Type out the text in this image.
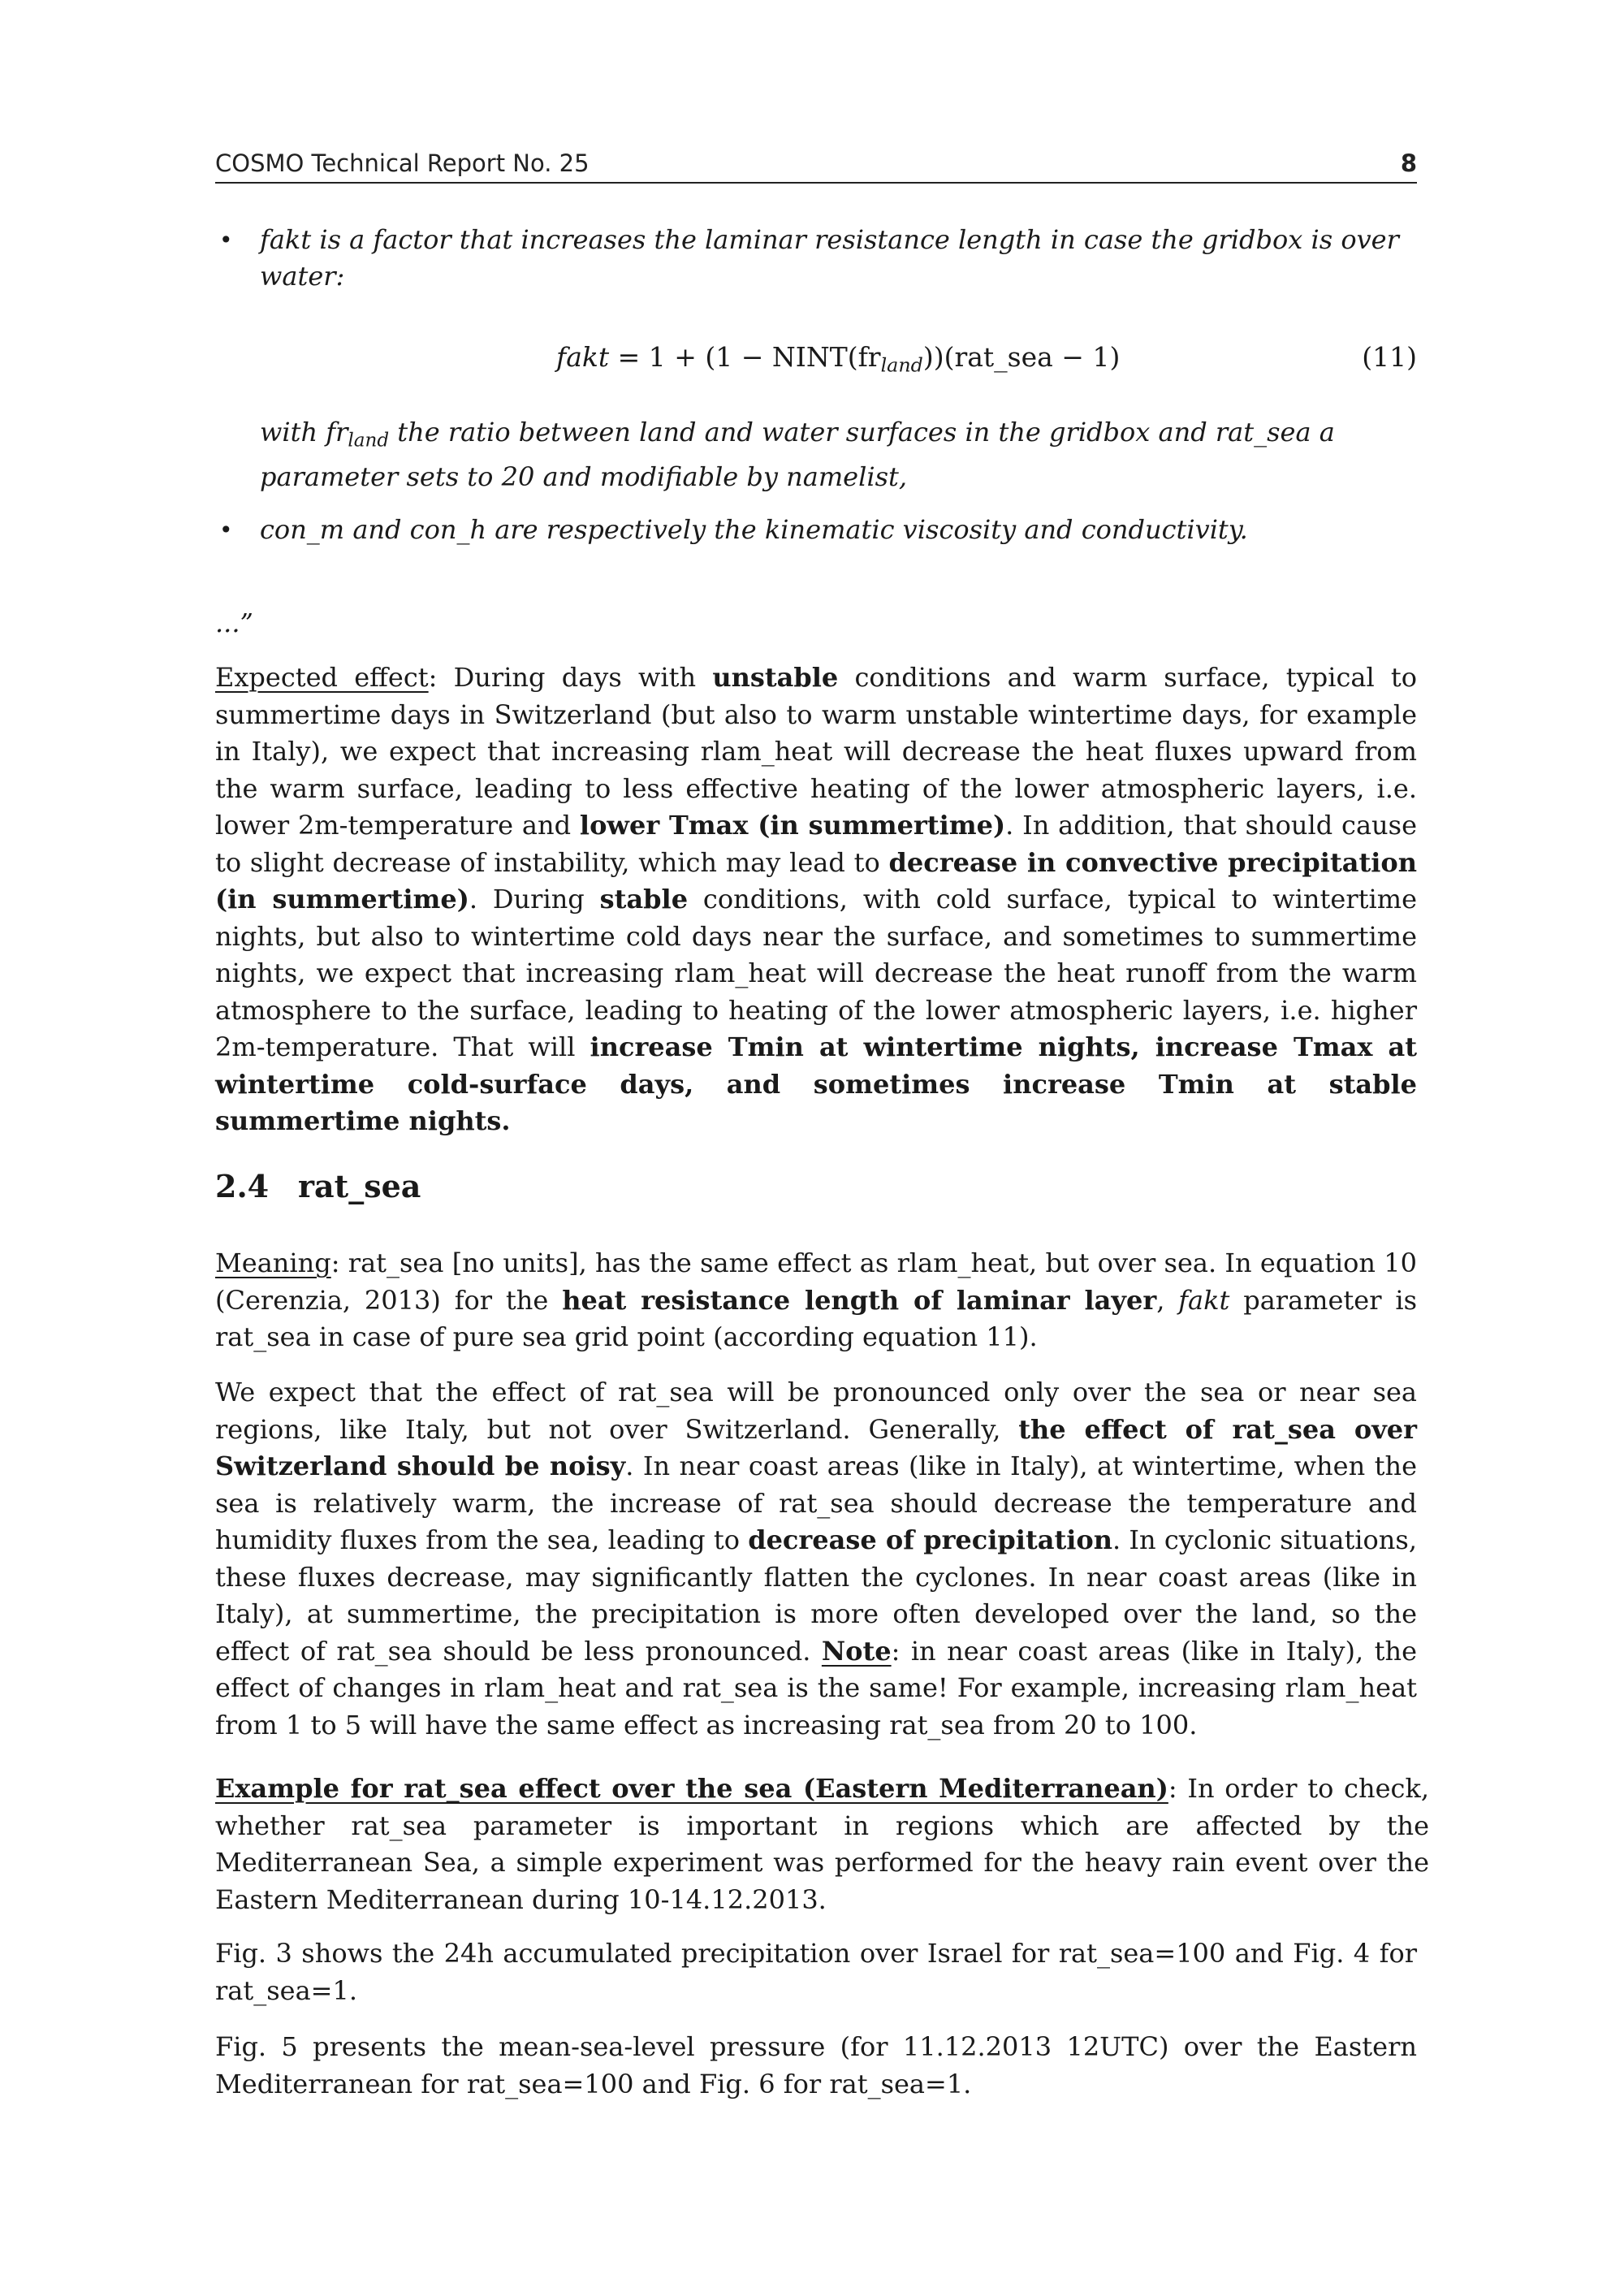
COSMO Technical Report No. 25	8
• fakt is a factor that increases the laminar resistance length in case the gridbox is over water:
fakt = $1 + (1 - NINT(fr_{land}))(rat\_sea - 1)$	(11)
with $fr_{land}$ the ratio between land and water surfaces in the gridbox and rat_sea a parameter sets to 20 and modifiable by namelist,
• con_m and con_h are respectively the kinematic viscosity and conductivity.
...”

Expected effect: During days with unstable conditions and warm surface, typical to summertime days in Switzerland (but also to warm unstable wintertime days, for example in Italy), we expect that increasing rlam_heat will decrease the heat fluxes upward from the warm surface, leading to less effective heating of the lower atmospheric layers, i.e. lower 2m-temperature and lower Tmax (in summertime). In addition, that should cause to slight decrease of instability, which may lead to decrease in convective precipitation (in summertime). During stable conditions, with cold surface, typical to wintertime nights, but also to wintertime cold days near the surface, and sometimes to summertime nights, we expect that increasing rlam_heat will decrease the heat runoff from the warm atmosphere to the surface, leading to heating of the lower atmospheric layers, i.e. higher 2m-temperature. That will increase Tmin at wintertime nights, increase Tmax at wintertime cold-surface days, and sometimes increase Tmin at stable summertime nights.

2.4 rat_sea

Meaning: rat_sea [no units], has the same effect as rlam_heat, but over sea. In equation 10 (Cerenzia, 2013) for the heat resistance length of laminar layer, fakt parameter is rat_sea in case of pure sea grid point (according equation 11).

We expect that the effect of rat_sea will be pronounced only over the sea or near sea regions, like Italy, but not over Switzerland. Generally, the effect of rat_sea over Switzerland should be noisy. In near coast areas (like in Italy), at wintertime, when the sea is relatively warm, the increase of rat_sea should decrease the temperature and humidity fluxes from the sea, leading to decrease of precipitation. In cyclonic situations, these fluxes decrease, may significantly flatten the cyclones. In near coast areas (like in Italy), at summertime, the precipitation is more often developed over the land, so the effect of rat_sea should be less pronounced. Note: in near coast areas (like in Italy), the effect of changes in rlam_heat and rat_sea is the same! For example, increasing rlam_heat from 1 to 5 will have the same effect as increasing rat_sea from 20 to 100.

Example for rat_sea effect over the sea (Eastern Mediterranean): In order to check, whether rat_sea parameter is important in regions which are affected by the Mediterranean Sea, a simple experiment was performed for the heavy rain event over the Eastern Mediterranean during 10-14.12.2013.

Fig. 3 shows the 24h accumulated precipitation over Israel for rat_sea=100 and Fig. 4 for rat_sea=1.

Fig. 5 presents the mean-sea-level pressure (for 11.12.2013 12UTC) over the Eastern Mediterranean for rat_sea=100 and Fig. 6 for rat_sea=1.
